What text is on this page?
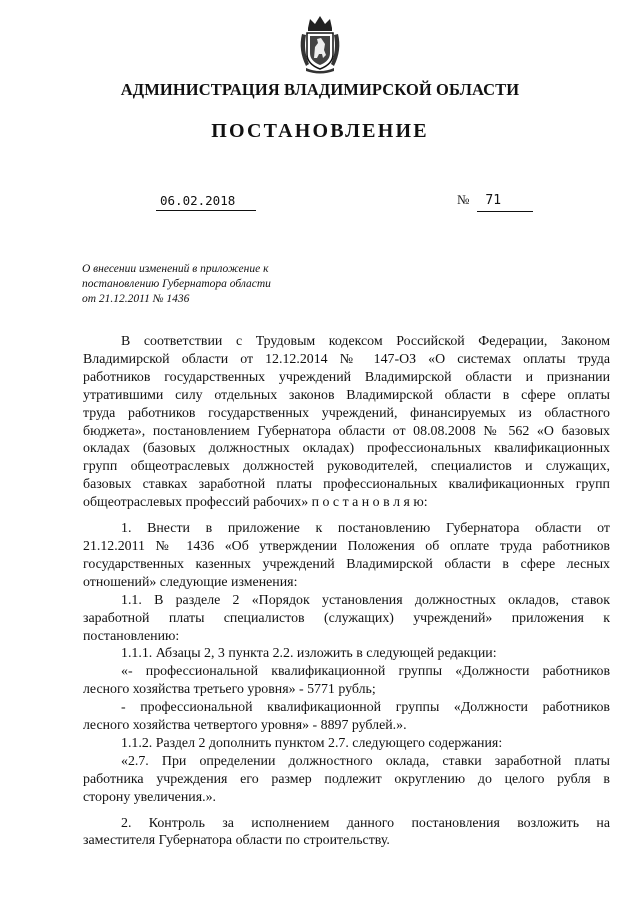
АДМИНИСТРАЦИЯ ВЛАДИМИРСКОЙ ОБЛАСТИ
ПОСТАНОВЛЕНИЕ
06.02.2018	№ 71
О внесении изменений в приложение к
постановлению Губернатора области
от 21.12.2011 № 1436
В соответствии с Трудовым кодексом Российской Федерации, Законом
Владимирской области от 12.12.2014 № 147-ОЗ «О системах оплаты труда
работников государственных учреждений Владимирской области и признании
утратившими силу отдельных законов Владимирской области в сфере оплаты
труда работников государственных учреждений, финансируемых из областного
бюджета», постановлением Губернатора области от 08.08.2008 № 562 «О базовых
окладах (базовых должностных окладах) профессиональных квалификационных
групп общеотраслевых должностей руководителей, специалистов и служащих,
базовых ставках заработной платы профессиональных квалификационных групп
общеотраслевых профессий рабочих» п о с т а н о в л я ю:
1. Внести в приложение к постановлению Губернатора области от
21.12.2011 № 1436 «Об утверждении Положения об оплате труда работников
государственных казенных учреждений Владимирской области в сфере лесных
отношений» следующие изменения:
1.1. В разделе 2 «Порядок установления должностных окладов, ставок
заработной платы специалистов (служащих) учреждений» приложения к
постановлению:
1.1.1. Абзацы 2, 3 пункта 2.2. изложить в следующей редакции:
«- профессиональной квалификационной группы «Должности работников
лесного хозяйства третьего уровня» - 5771 рубль;
- профессиональной квалификационной группы «Должности работников
лесного хозяйства четвертого уровня» - 8897 рублей.».
1.1.2. Раздел 2 дополнить пунктом 2.7. следующего содержания:
«2.7. При определении должностного оклада, ставки заработной платы
работника учреждения его размер подлежит округлению до целого рубля в
сторону увеличения.».
2. Контроль за исполнением данного постановления возложить на
заместителя Губернатора области по строительству.
